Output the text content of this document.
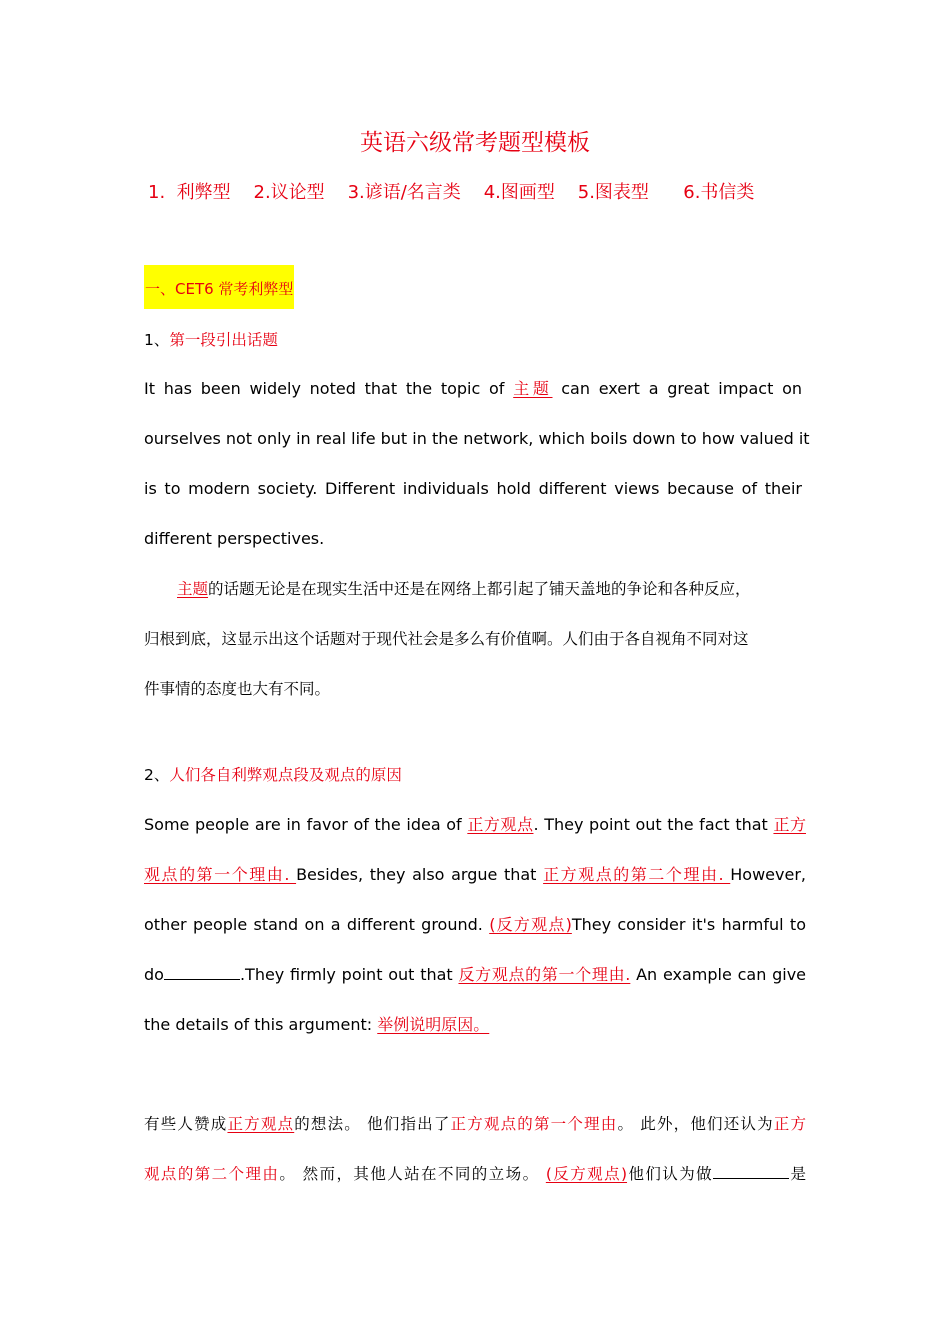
英语六级常考题型模板
1.  利弊型    2.议论型    3.谚语/名言类    4.图画型    5.图表型      6.书信类
一、CET6 常考利弊型
1、第一段引出话题
It has been widely noted that the topic of 主题 can exert a great impact on
ourselves not only in real life but in the network, which boils down to how valued it
is to modern society. Different individuals hold different views because of their
different perspectives.
主题的话题无论是在现实生活中还是在网络上都引起了铺天盖地的争论和各种反应，
归根到底，这显示出这个话题对于现代社会是多么有价值啊。人们由于各自视角不同对这
件事情的态度也大有不同。
2、人们各自利弊观点段及观点的原因
Some people are in favor of the idea of 正方观点. They point out the fact that 正方
观点的第一个理由. Besides, they also argue that 正方观点的第二个理由. However,
other people stand on a different ground. (反方观点)They consider it's harmful to
do	.They firmly point out that 反方观点的第一个理由. An example can give
the details of this argument: 举例说明原因。
有些人赞成正方观点的想法。 他们指出了正方观点的第一个理由。 此外，他们还认为正方
观点的第二个理由。 然而，其他人站在不同的立场。 (反方观点)他们认为做	是
